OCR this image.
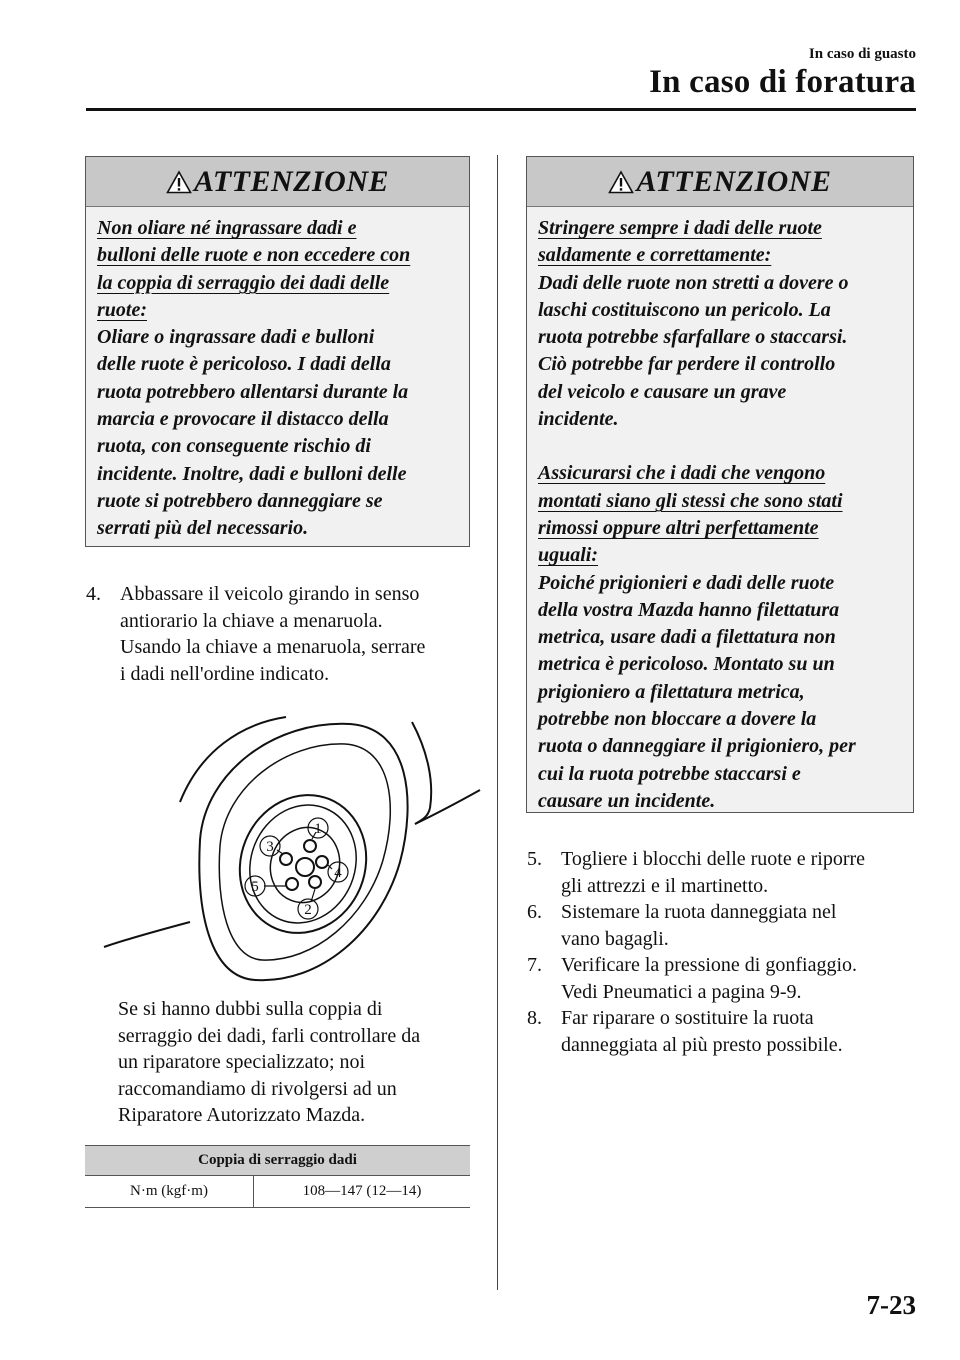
In caso di guasto
In caso di foratura
ATTENZIONE
Non oliare né ingrassare dadi e
bulloni delle ruote e non eccedere con
la coppia di serraggio dei dadi delle
ruote:
Oliare o ingrassare dadi e bulloni
delle ruote è pericoloso. I dadi della
ruota potrebbero allentarsi durante la
marcia e provocare il distacco della
ruota, con conseguente rischio di
incidente. Inoltre, dadi e bulloni delle
ruote si potrebbero danneggiare se
serrati più del necessario.
4. Abbassare il veicolo girando in senso
antiorario la chiave a menaruola.
Usando la chiave a menaruola, serrare
i dadi nell'ordine indicato.
1
2
3
4
5
Se si hanno dubbi sulla coppia di
serraggio dei dadi, farli controllare da
un riparatore specializzato; noi
raccomandiamo di rivolgersi ad un
Riparatore Autorizzato Mazda.
Coppia di serraggio dadi
N·m (kgf·m)	108―147 (12―14)
ATTENZIONE
Stringere sempre i dadi delle ruote
saldamente e correttamente:
Dadi delle ruote non stretti a dovere o
laschi costituiscono un pericolo. La
ruota potrebbe sfarfallare o staccarsi.
Ciò potrebbe far perdere il controllo
del veicolo e causare un grave
incidente.
Assicurarsi che i dadi che vengono
montati siano gli stessi che sono stati
rimossi oppure altri perfettamente
uguali:
Poiché prigionieri e dadi delle ruote
della vostra Mazda hanno filettatura
metrica, usare dadi a filettatura non
metrica è pericoloso. Montato su un
prigioniero a filettatura metrica,
potrebbe non bloccare a dovere la
ruota o danneggiare il prigioniero, per
cui la ruota potrebbe staccarsi e
causare un incidente.
5. Togliere i blocchi delle ruote e riporre
gli attrezzi e il martinetto.
6. Sistemare la ruota danneggiata nel
vano bagagli.
7. Verificare la pressione di gonfiaggio.
Vedi Pneumatici a pagina 9-9.
8. Far riparare o sostituire la ruota
danneggiata al più presto possibile.
7-23
